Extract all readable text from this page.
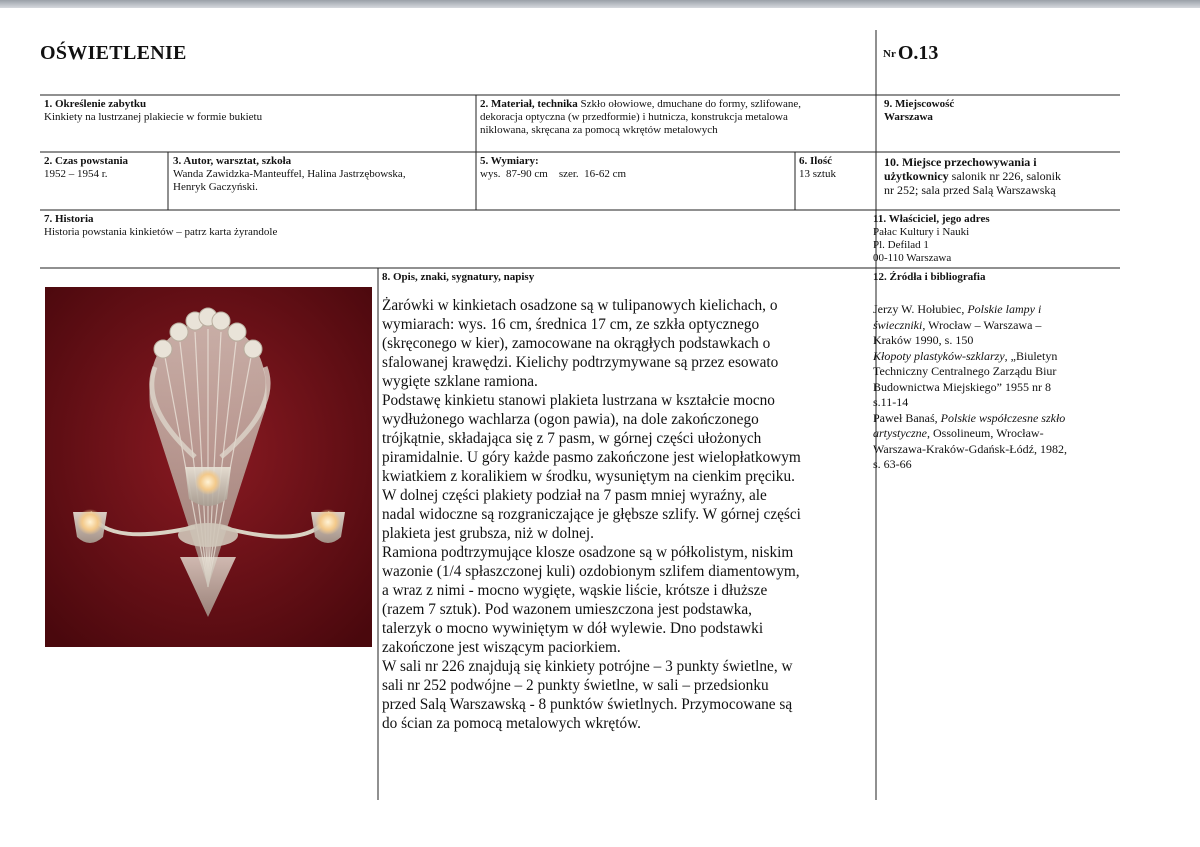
OŚWIETLENIE	Nr O.13
1. Określenie zabytku
Kinkiety na lustrzanej plakiecie w formie bukietu
2. Materiał, technika Szkło ołowiowe, dmuchane do formy, szlifowane,
dekoracja optyczna (w przedformie) i hutnicza, konstrukcja metalowa
niklowana, skręcana za pomocą wkrętów metalowych
9. Miejscowość
Warszawa
2. Czas powstania
1952 – 1954 r.
3. Autor, warsztat, szkoła
Wanda Zawidzka-Manteuffel, Halina Jastrzębowska,
Henryk Gaczyński.
5. Wymiary:
wys.  87-90 cm    szer.  16-62 cm
6. Ilość
13 sztuk
10. Miejsce przechowywania i
użytkownicy salonik nr 226, salonik
nr 252; sala przed Salą Warszawską
7. Historia
Historia powstania kinkietów – patrz karta żyrandole
11. Właściciel, jego adres
Pałac Kultury i Nauki
Pl. Defilad 1
00-110 Warszawa
8. Opis, znaki, sygnatury, napisy	12. Źródła i bibliografia

Żarówki w kinkietach osadzone są w tulipanowych kielichach, o

wymiarach: wys. 16 cm, średnica 17 cm, ze szkła optycznego

(skręconego w kier), zamocowane na okrągłych podstawkach o

sfalowanej krawędzi. Kielichy podtrzymywane są przez esowato

wygięte szklane ramiona.

Podstawę kinkietu stanowi plakieta lustrzana w kształcie mocno

wydłużonego wachlarza (ogon pawia), na dole zakończonego

trójkątnie, składająca się z 7 pasm, w górnej części ułożonych

piramidalnie. U góry każde pasmo zakończone jest wielopłatkowym

kwiatkiem z koralikiem w środku, wysuniętym na cienkim pręciku.

W dolnej części plakiety podział na 7 pasm mniej wyraźny, ale

nadal widoczne są rozgraniczające je głębsze szlify. W górnej części

plakieta jest grubsza, niż w dolnej.

Ramiona podtrzymujące klosze osadzone są w półkolistym, niskim

wazonie (1/4 spłaszczonej kuli) ozdobionym szlifem diamentowym,

a wraz z nimi - mocno wygięte, wąskie liście, krótsze i dłuższe

(razem 7 sztuk). Pod wazonem umieszczona jest podstawka,

talerzyk o mocno wywiniętym w dół wylewie. Dno podstawki

zakończone jest wiszącym paciorkiem.

W sali nr 226 znajdują się kinkiety potrójne – 3 punkty świetlne, w

sali nr 252 podwójne – 2 punkty świetlne, w sali – przedsionku

przed Salą Warszawską - 8 punktów świetlnych. Przymocowane są

do ścian za pomocą metalowych wkrętów.

Jerzy W. Hołubiec, Polskie lampy i

świeczniki, Wrocław – Warszawa –

Kraków 1990, s. 150

Kłopoty plastyków-szklarzy, „Biuletyn

Techniczny Centralnego Zarządu Biur

Budownictwa Miejskiego” 1955 nr 8

s.11-14

Paweł Banaś, Polskie współczesne szkło

artystyczne, Ossolineum, Wrocław-

Warszawa-Kraków-Gdańsk-Łódź, 1982,

s. 63-66
